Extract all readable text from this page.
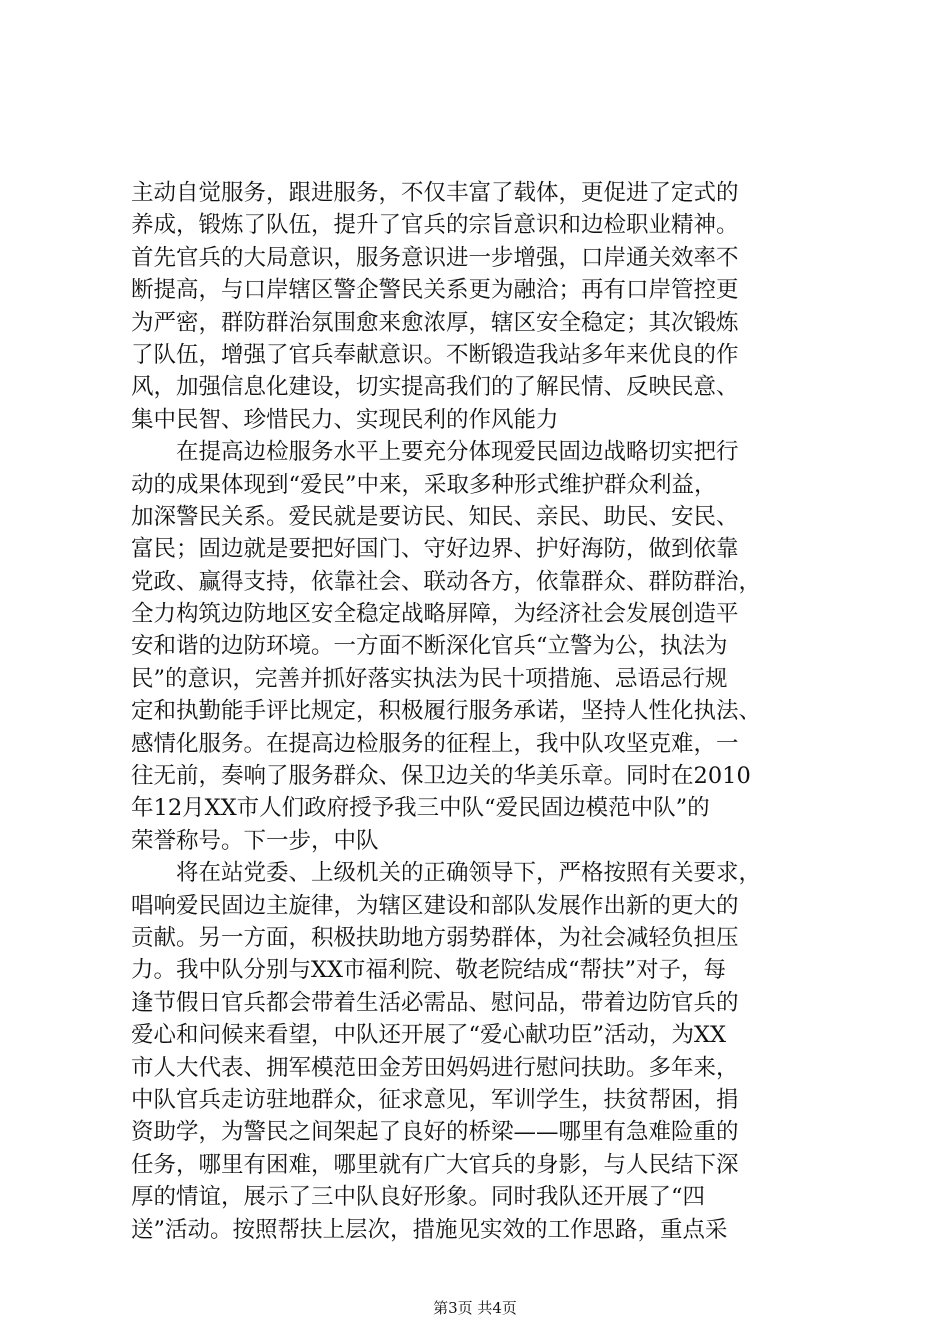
主动自觉服务，跟进服务，不仅丰富了载体，更促进了定式的
养成，锻炼了队伍，提升了官兵的宗旨意识和边检职业精神。
首先官兵的大局意识，服务意识进一步增强，口岸通关效率不
断提高，与口岸辖区警企警民关系更为融洽；再有口岸管控更
为严密，群防群治氛围愈来愈浓厚，辖区安全稳定；其次锻炼
了队伍，增强了官兵奉献意识。不断锻造我站多年来优良的作
风，加强信息化建设，切实提高我们的了解民情、反映民意、
集中民智、珍惜民力、实现民利的作风能力
　　在提高边检服务水平上要充分体现爱民固边战略切实把行
动的成果体现到“爱民”中来，采取多种形式维护群众利益，
加深警民关系。爱民就是要访民、知民、亲民、助民、安民、
富民；固边就是要把好国门、守好边界、护好海防，做到依靠
党政、赢得支持，依靠社会、联动各方，依靠群众、群防群治，
全力构筑边防地区安全稳定战略屏障，为经济社会发展创造平
安和谐的边防环境。一方面不断深化官兵“立警为公，执法为
民”的意识，完善并抓好落实执法为民十项措施、忌语忌行规
定和执勤能手评比规定，积极履行服务承诺，坚持人性化执法、
感情化服务。在提高边检服务的征程上，我中队攻坚克难，一
往无前，奏响了服务群众、保卫边关的华美乐章。同时在2010
年12月XX市人们政府授予我三中队“爱民固边模范中队”的
荣誉称号。下一步，中队
　　将在站党委、上级机关的正确领导下，严格按照有关要求，
唱响爱民固边主旋律，为辖区建设和部队发展作出新的更大的
贡献。另一方面，积极扶助地方弱势群体，为社会减轻负担压
力。我中队分别与XX市福利院、敬老院结成“帮扶”对子，每
逢节假日官兵都会带着生活必需品、慰问品，带着边防官兵的
爱心和问候来看望，中队还开展了“爱心献功臣”活动，为XX
市人大代表、拥军模范田金芳田妈妈进行慰问扶助。多年来，
中队官兵走访驻地群众，征求意见，军训学生，扶贫帮困，捐
资助学，为警民之间架起了良好的桥梁——哪里有急难险重的
任务，哪里有困难，哪里就有广大官兵的身影，与人民结下深
厚的情谊，展示了三中队良好形象。同时我队还开展了“四
送”活动。按照帮扶上层次，措施见实效的工作思路，重点采
第3页 共4页
